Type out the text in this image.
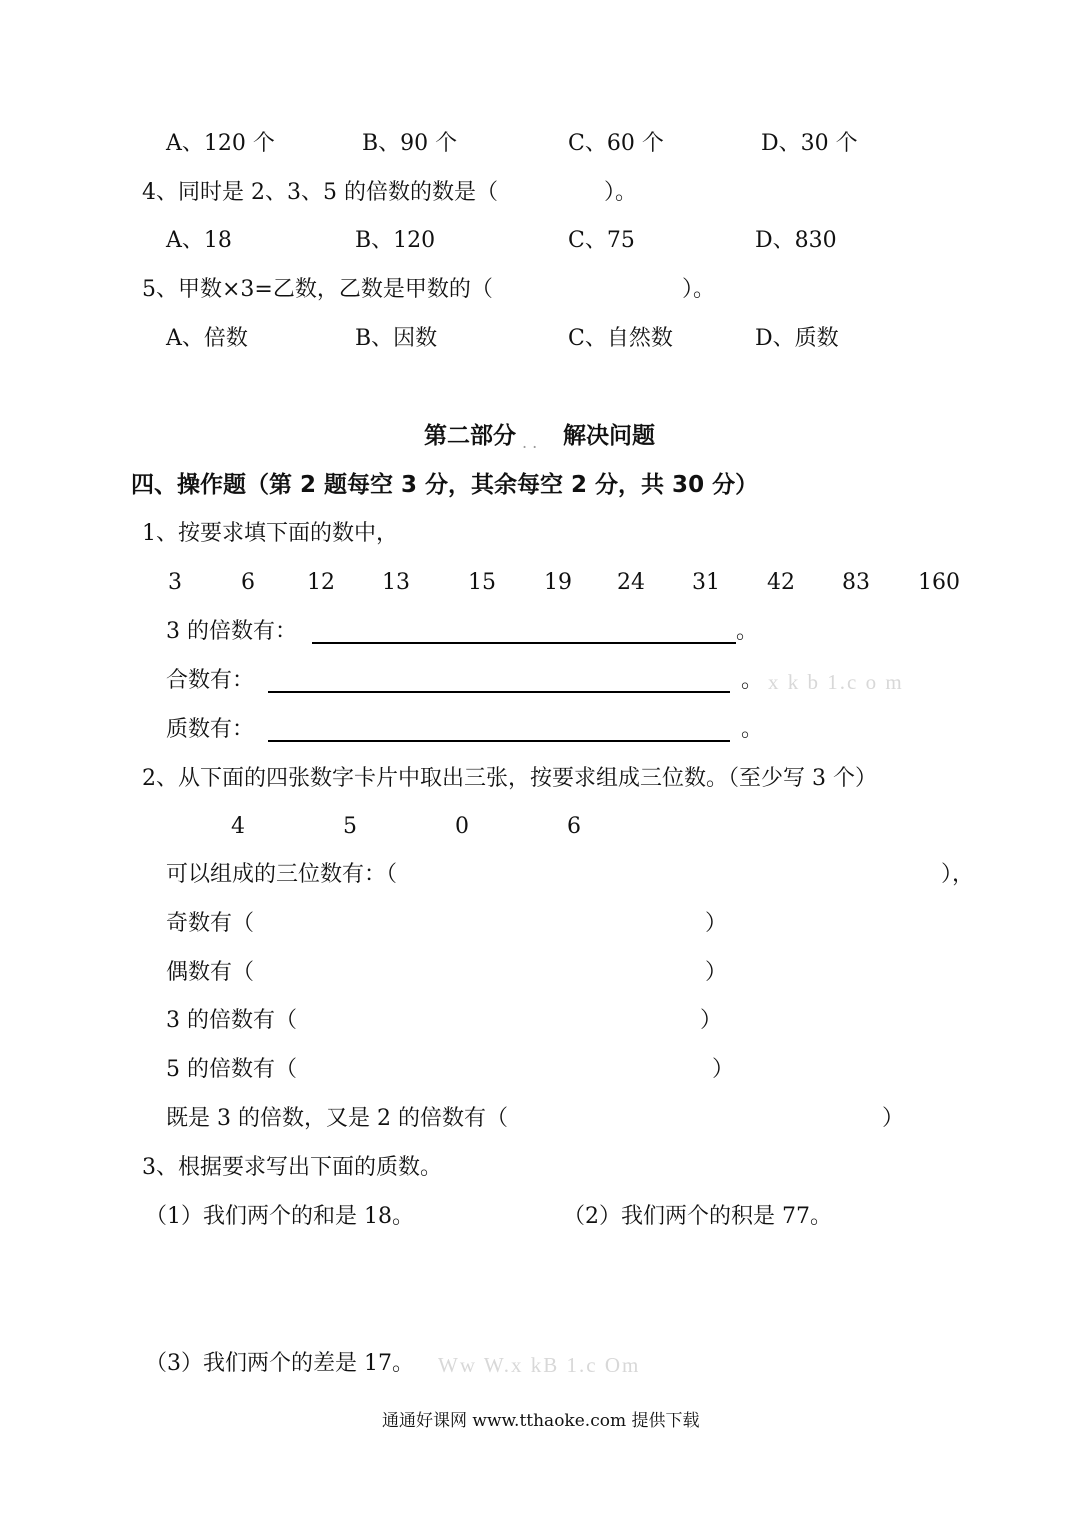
A、120 个	B、90 个	C、60 个	D、30 个
4、同时是 2、3、5 的倍数的数是（	）。
A、18	B、120	C、75	D、830
5、甲数×3=乙数，乙数是甲数的（	）。
A、倍数	B、因数	C、自然数	D、质数
第二部分 . . 解决问题
四、操作题（第 2 题每空 3 分，其余每空 2 分，共 30 分）
1、按要求填下面的数中，
3	6 12 13	15 19 24 31 42 83 160
3 的倍数有：	。
合数有：	。 x k b 1.c o m
质数有：	。
2、从下面的四张数字卡片中取出三张，按要求组成三位数。（至少写 3 个）
4	5	0	6
可以组成的三位数有：（	），
奇数有（	）
偶数有（	）
3 的倍数有（	）
5 的倍数有（	）
既是 3 的倍数，又是 2 的倍数有（	）
3、根据要求写出下面的质数。
（1）我们两个的和是 18。	（2）我们两个的积是 77。
（3）我们两个的差是 17。 Ww W.x kB 1.c Om
通通好课网 www.tthaoke.com 提供下载
